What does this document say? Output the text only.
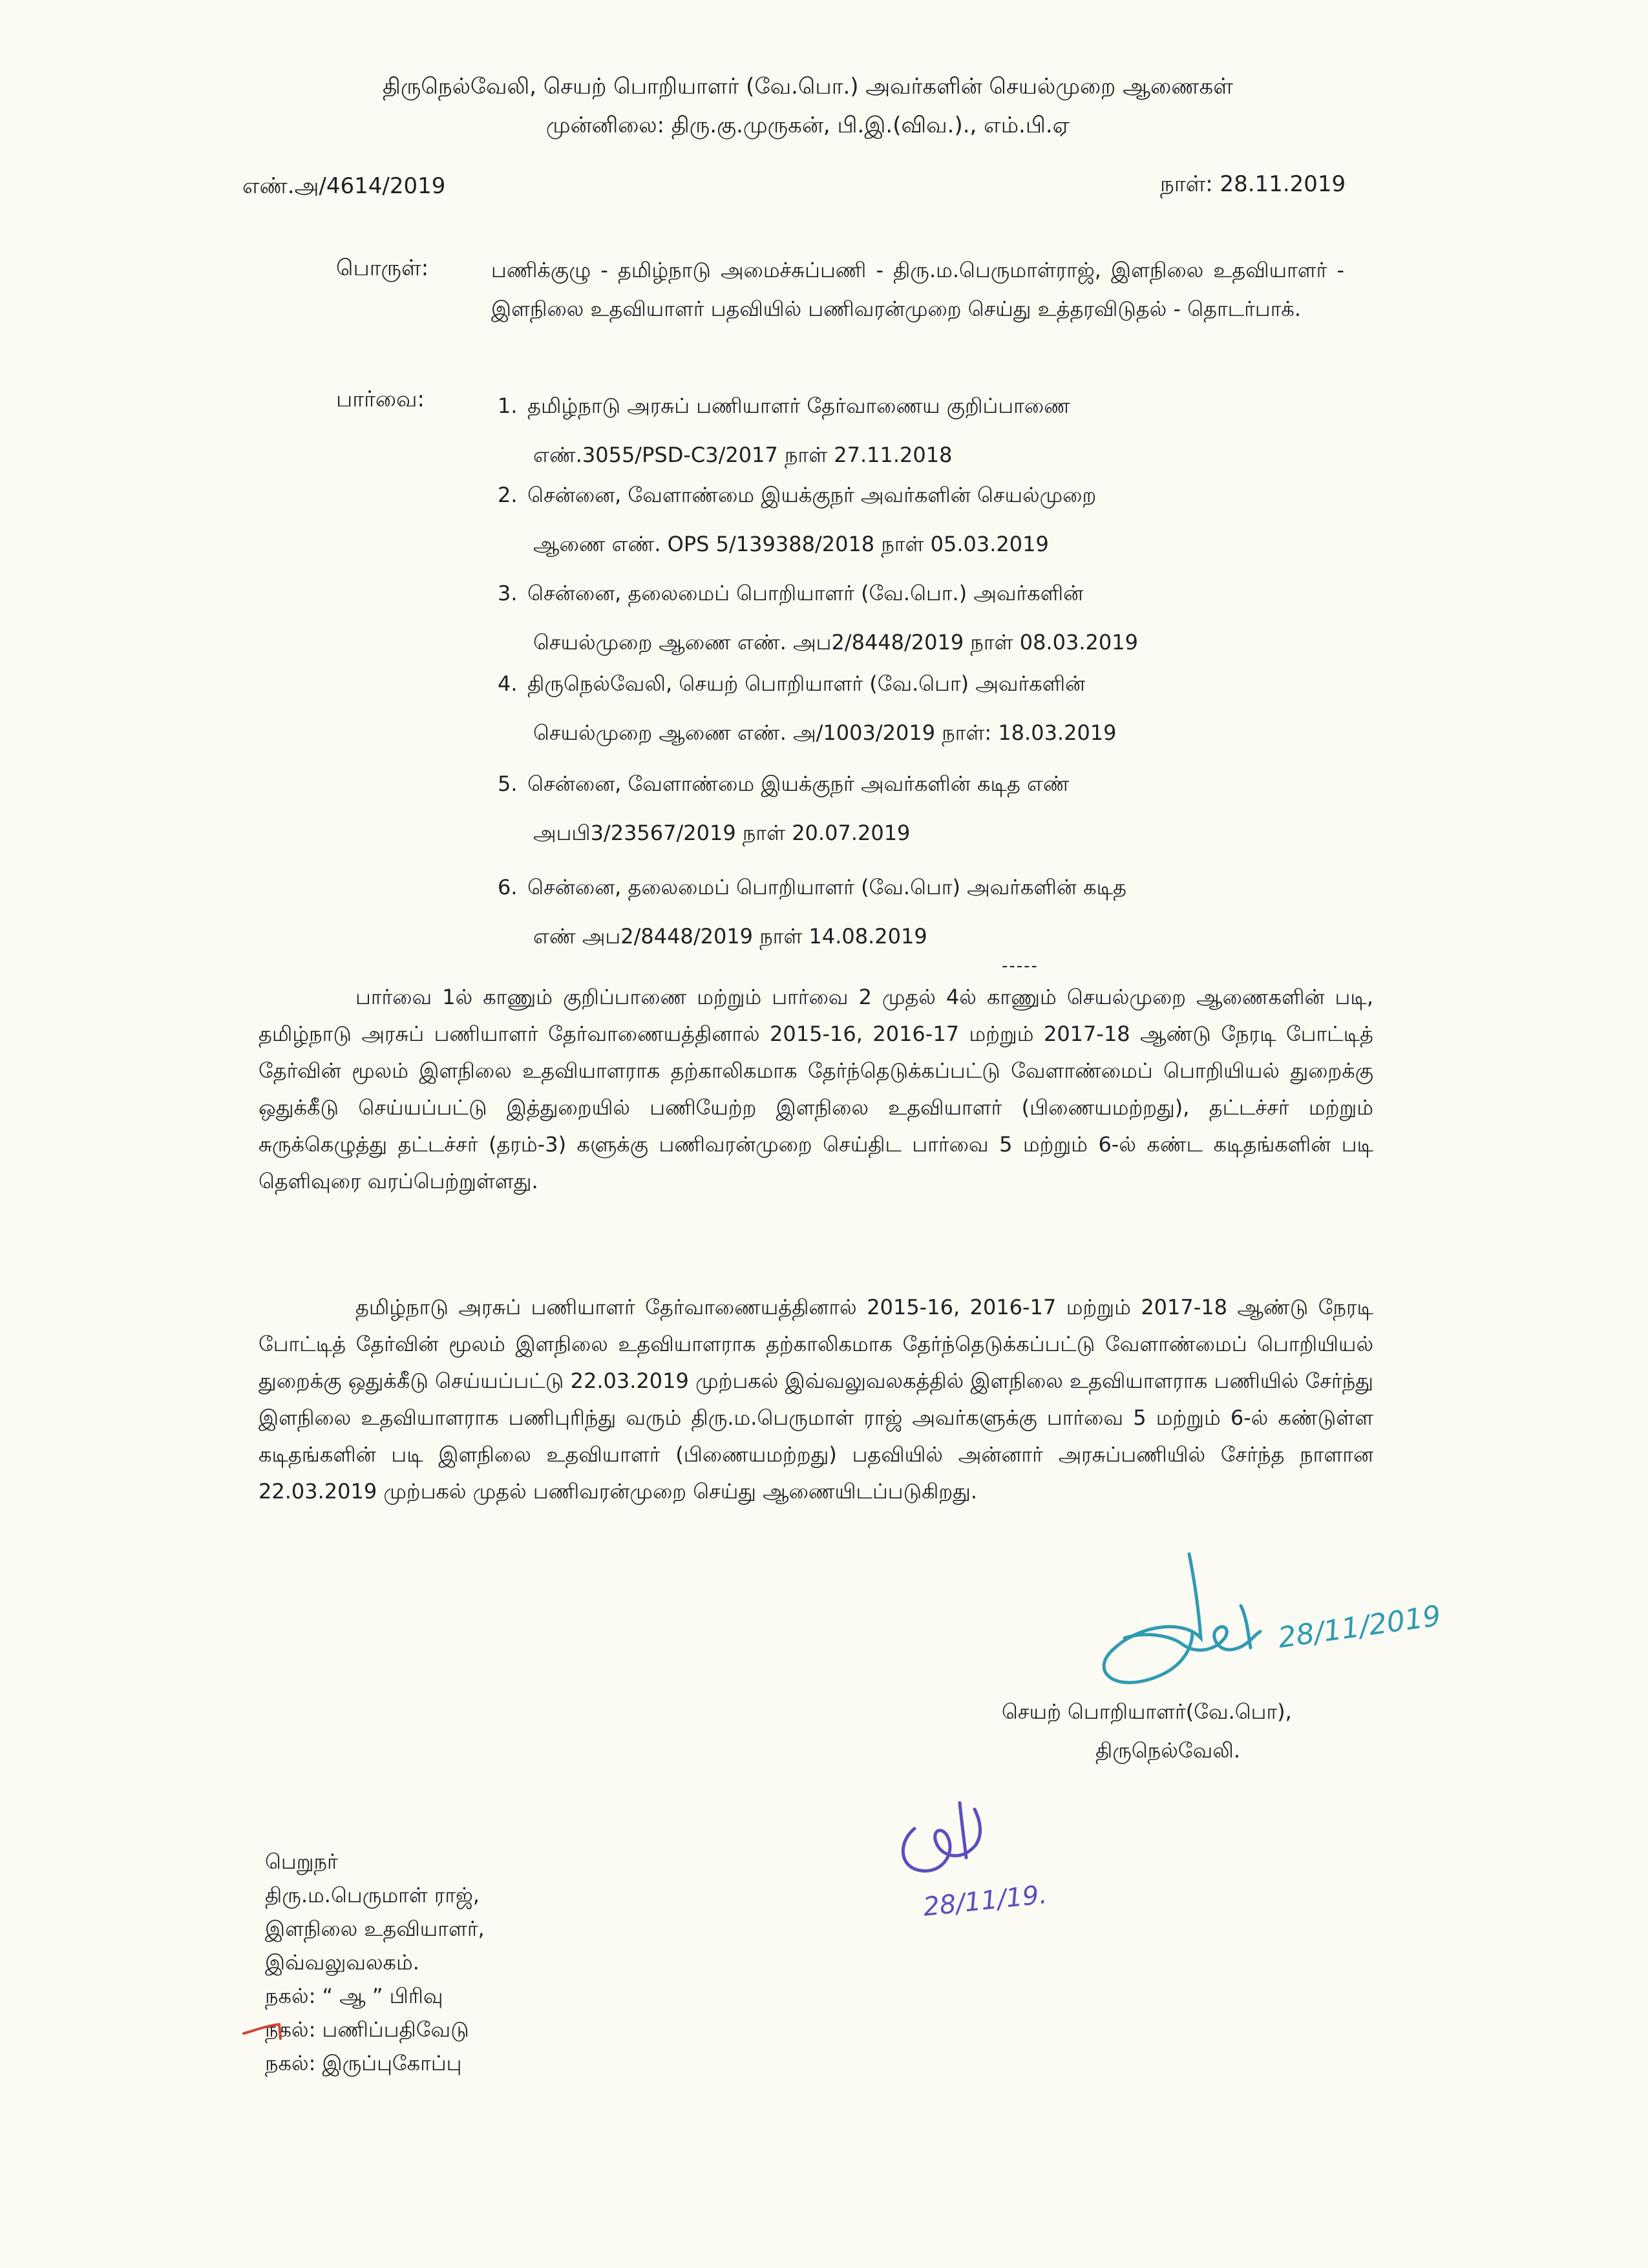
திருநெல்வேலி, செயற் பொறியாளர் (வே.பொ.) அவர்களின் செயல்முறை ஆணைகள்
முன்னிலை: திரு.கு.முருகன், பி.இ.(விவ.)., எம்.பி.ஏ
எண்.அ/4614/2019	நாள்: 28.11.2019
பொருள்:	பணிக்குழு - தமிழ்நாடு அமைச்சுப்பணி - திரு.ம.பெருமாள்ராஜ், இளநிலை உதவியாளர் - இளநிலை உதவியாளர் பதவியில் பணிவரன்முறை செய்து உத்தரவிடுதல் - தொடர்பாக்.
பார்வை:	1. தமிழ்நாடு அரசுப் பணியாளர் தேர்வாணைய குறிப்பாணை
எண்.3055/PSD-C3/2017 நாள் 27.11.2018
2. சென்னை, வேளாண்மை இயக்குநர் அவர்களின் செயல்முறை
ஆணை எண். OPS 5/139388/2018 நாள் 05.03.2019
3. சென்னை, தலைமைப் பொறியாளர் (வே.பொ.) அவர்களின்
செயல்முறை ஆணை எண். அப2/8448/2019 நாள் 08.03.2019
4. திருநெல்வேலி, செயற் பொறியாளர் (வே.பொ) அவர்களின்
செயல்முறை ஆணை எண். அ/1003/2019 நாள்: 18.03.2019
5. சென்னை, வேளாண்மை இயக்குநர் அவர்களின் கடித எண்
அபபி3/23567/2019 நாள் 20.07.2019
6. சென்னை, தலைமைப் பொறியாளர் (வே.பொ) அவர்களின் கடித
எண் அப2/8448/2019 நாள் 14.08.2019
-----
பார்வை 1ல் காணும் குறிப்பாணை மற்றும் பார்வை 2 முதல் 4ல் காணும் செயல்முறை ஆணைகளின் படி, தமிழ்நாடு அரசுப் பணியாளர் தேர்வாணையத்தினால் 2015-16, 2016-17 மற்றும் 2017-18 ஆண்டு நேரடி போட்டித் தேர்வின் மூலம் இளநிலை உதவியாளராக தற்காலிகமாக தேர்ந்தெடுக்கப்பட்டு வேளாண்மைப் பொறியியல் துறைக்கு ஒதுக்கீடு செய்யப்பட்டு இத்துறையில் பணியேற்ற இளநிலை உதவியாளர் (பிணையமற்றது), தட்டச்சர் மற்றும் சுருக்கெழுத்து தட்டச்சர் (தரம்-3) களுக்கு பணிவரன்முறை செய்திட பார்வை 5 மற்றும் 6-ல் கண்ட கடிதங்களின் படி தெளிவுரை வரப்பெற்றுள்ளது.
தமிழ்நாடு அரசுப் பணியாளர் தேர்வாணையத்தினால் 2015-16, 2016-17 மற்றும் 2017-18 ஆண்டு நேரடி போட்டித் தேர்வின் மூலம் இளநிலை உதவியாளராக தற்காலிகமாக தேர்ந்தெடுக்கப்பட்டு வேளாண்மைப் பொறியியல் துறைக்கு ஒதுக்கீடு செய்யப்பட்டு 22.03.2019 முற்பகல் இவ்வலுவலகத்தில் இளநிலை உதவியாளராக பணியில் சேர்ந்து இளநிலை உதவியாளராக பணிபுரிந்து வரும் திரு.ம.பெருமாள் ராஜ் அவர்களுக்கு பார்வை 5 மற்றும் 6-ல் கண்டுள்ள கடிதங்களின் படி இளநிலை உதவியாளர் (பிணையமற்றது) பதவியில் அன்னார் அரசுப்பணியில் சேர்ந்த நாளான 22.03.2019 முற்பகல் முதல் பணிவரன்முறை செய்து ஆணையிடப்படுகிறது.
28/11/2019
செயற் பொறியாளர்(வே.பொ),
திருநெல்வேலி.
28/11/19.
பெறுநர்
திரு.ம.பெருமாள் ராஜ்,
இளநிலை உதவியாளர்,
இவ்வலுவலகம்.
நகல்: “ ஆ ” பிரிவு
நகல்: பணிப்பதிவேடு
நகல்: இருப்புகோப்பு
